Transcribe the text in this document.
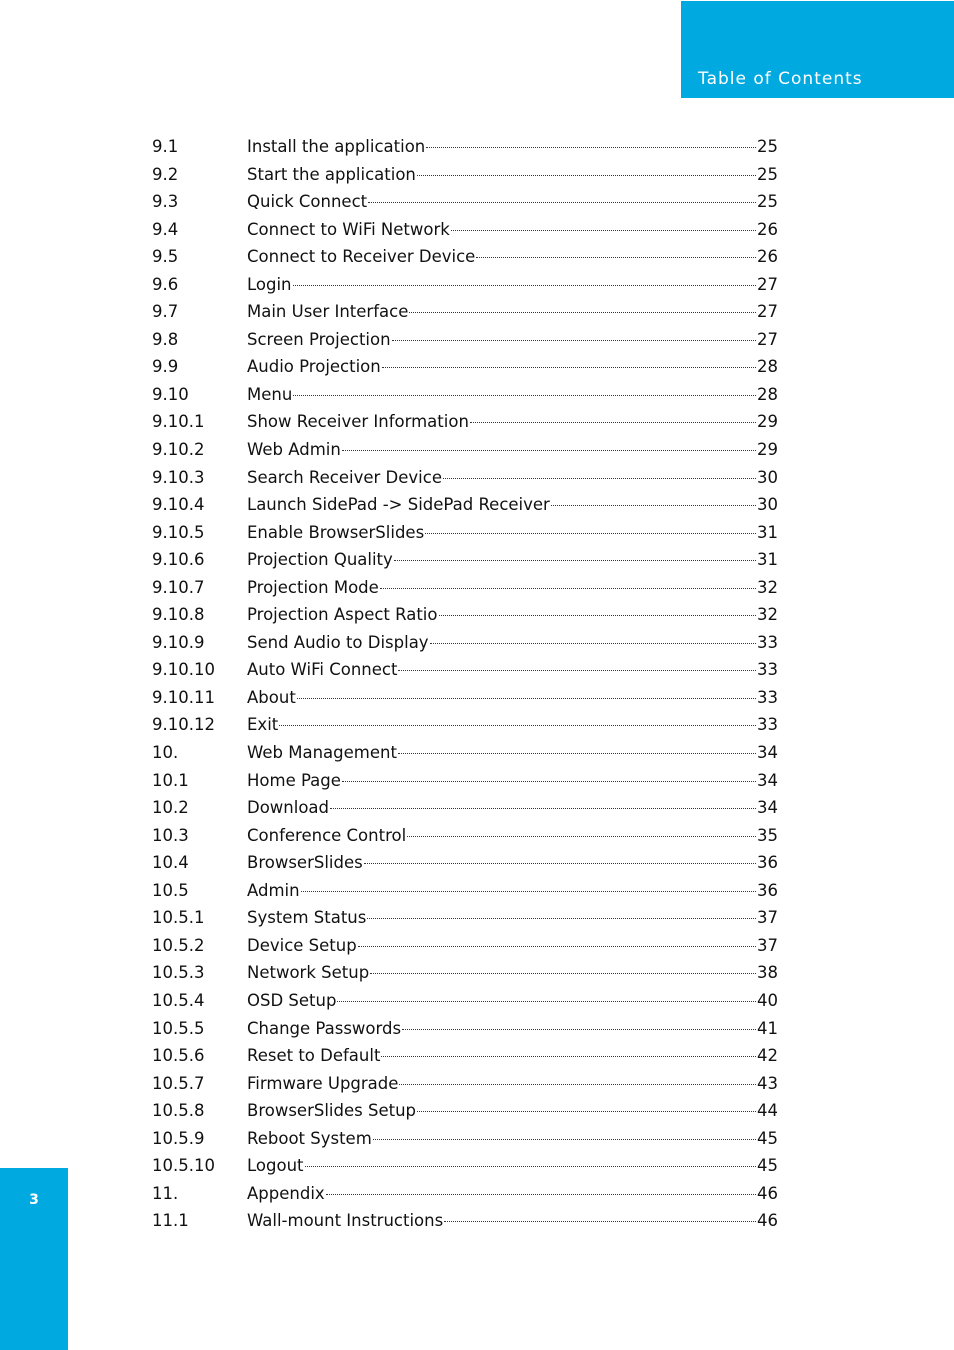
Table of Contents
9.1	Install the application	25
9.2	Start the application	25
9.3	Quick Connect	25
9.4	Connect to WiFi Network	26
9.5	Connect to Receiver Device	26
9.6	Login	27
9.7	Main User Interface	27
9.8	Screen Projection	27
9.9	Audio Projection	28
9.10	Menu	28
9.10.1	Show Receiver Information	29
9.10.2	Web Admin	29
9.10.3	Search Receiver Device	30
9.10.4	Launch SidePad -> SidePad Receiver	30
9.10.5	Enable BrowserSlides	31
9.10.6	Projection Quality	31
9.10.7	Projection Mode	32
9.10.8	Projection Aspect Ratio	32
9.10.9	Send Audio to Display	33
9.10.10 Auto WiFi Connect	33
9.10.11 About	33
9.10.12 Exit	33
10.	Web Management	34
10.1	Home Page	34
10.2	Download	34
10.3	Conference Control	35
10.4	BrowserSlides	36
10.5	Admin	36
10.5.1	System Status	37
10.5.2	Device Setup	37
10.5.3	Network Setup	38
10.5.4	OSD Setup	40
10.5.5	Change Passwords	41
10.5.6	Reset to Default	42
10.5.7	Firmware Upgrade	43
10.5.8	BrowserSlides Setup	44
10.5.9	Reboot System	45
10.5.10 Logout	45
11.	Appendix	46
11.1	Wall-mount Instructions	46
3
